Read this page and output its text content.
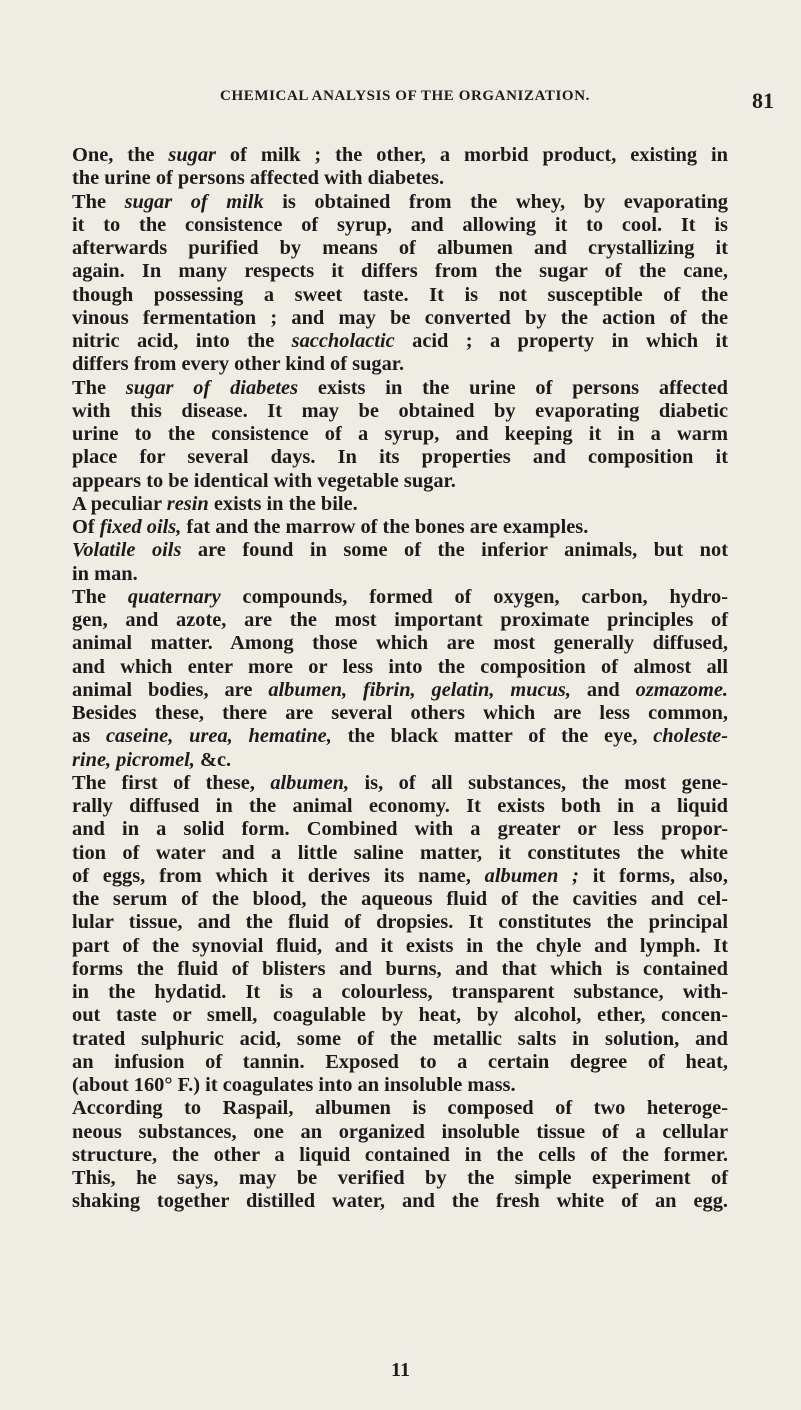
CHEMICAL ANALYSIS OF THE ORGANIZATION.	81
One, the sugar of milk ; the other, a morbid product, existing in
the urine of persons affected with diabetes.
The sugar of milk is obtained from the whey, by evaporating
it to the consistence of syrup, and allowing it to cool. It is
afterwards purified by means of albumen and crystallizing it
again. In many respects it differs from the sugar of the cane,
though possessing a sweet taste. It is not susceptible of the
vinous fermentation ; and may be converted by the action of the
nitric acid, into the saccholactic acid ; a property in which it
differs from every other kind of sugar.
The sugar of diabetes exists in the urine of persons affected
with this disease. It may be obtained by evaporating diabetic
urine to the consistence of a syrup, and keeping it in a warm
place for several days. In its properties and composition it
appears to be identical with vegetable sugar.
A peculiar resin exists in the bile.
Of fixed oils, fat and the marrow of the bones are examples.
Volatile oils are found in some of the inferior animals, but not
in man.
The quaternary compounds, formed of oxygen, carbon, hydro-
gen, and azote, are the most important proximate principles of
animal matter. Among those which are most generally diffused,
and which enter more or less into the composition of almost all
animal bodies, are albumen, fibrin, gelatin, mucus, and ozmazome.
Besides these, there are several others which are less common,
as caseine, urea, hematine, the black matter of the eye, choleste-
rine, picromel, &c.
The first of these, albumen, is, of all substances, the most gene-
rally diffused in the animal economy. It exists both in a liquid
and in a solid form. Combined with a greater or less propor-
tion of water and a little saline matter, it constitutes the white
of eggs, from which it derives its name, albumen ; it forms, also,
the serum of the blood, the aqueous fluid of the cavities and cel-
lular tissue, and the fluid of dropsies. It constitutes the principal
part of the synovial fluid, and it exists in the chyle and lymph. It
forms the fluid of blisters and burns, and that which is contained
in the hydatid. It is a colourless, transparent substance, with-
out taste or smell, coagulable by heat, by alcohol, ether, concen-
trated sulphuric acid, some of the metallic salts in solution, and
an infusion of tannin. Exposed to a certain degree of heat,
(about 160° F.) it coagulates into an insoluble mass.
According to Raspail, albumen is composed of two heteroge-
neous substances, one an organized insoluble tissue of a cellular
structure, the other a liquid contained in the cells of the former.
This, he says, may be verified by the simple experiment of
shaking together distilled water, and the fresh white of an egg.
11
